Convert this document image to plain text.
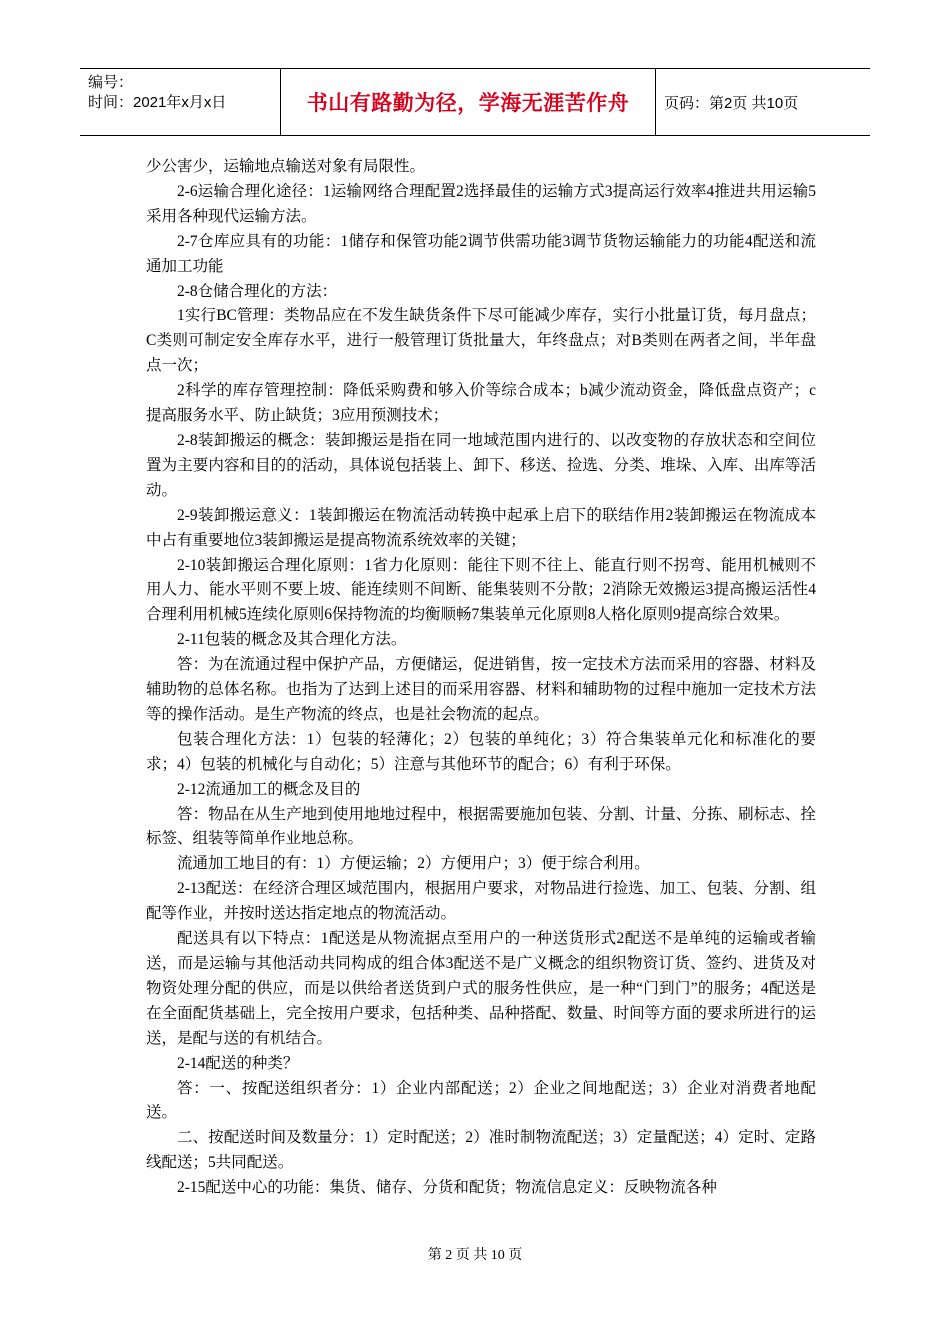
编号：
时间：2021年x月x日	书山有路勤为径，学海无涯苦作舟 页码：第2页 共10页

少公害少，运输地点输送对象有局限性。

2-6运输合理化途径：1运输网络合理配置2选择最佳的运输方式3提高运行效率4推进共用运输5采用各种现代运输方法。

2-7仓库应具有的功能：1储存和保管功能2调节供需功能3调节货物运输能力的功能4配送和流通加工功能

2-8仓储合理化的方法：

1实行BC管理：类物品应在不发生缺货条件下尽可能减少库存，实行小批量订货，每月盘点；C类则可制定安全库存水平，进行一般管理订货批量大，年终盘点；对B类则在两者之间，半年盘点一次；

2科学的库存管理控制：降低采购费和够入价等综合成本；b减少流动资金，降低盘点资产；c提高服务水平、防止缺货；3应用预测技术；

2-8装卸搬运的概念：装卸搬运是指在同一地域范围内进行的、以改变物的存放状态和空间位置为主要内容和目的的活动，具体说包括装上、卸下、移送、捡选、分类、堆垛、入库、出库等活动。

2-9装卸搬运意义：1装卸搬运在物流活动转换中起承上启下的联结作用2装卸搬运在物流成本中占有重要地位3装卸搬运是提高物流系统效率的关键；

2-10装卸搬运合理化原则：1省力化原则：能往下则不往上、能直行则不拐弯、能用机械则不用人力、能水平则不要上坡、能连续则不间断、能集装则不分散；2消除无效搬运3提高搬运活性4合理利用机械5连续化原则6保持物流的均衡顺畅7集装单元化原则8人格化原则9提高综合效果。

2-11包装的概念及其合理化方法。

答：为在流通过程中保护产品，方便储运，促进销售，按一定技术方法而采用的容器、材料及辅助物的总体名称。也指为了达到上述目的而采用容器、材料和辅助物的过程中施加一定技术方法等的操作活动。是生产物流的终点，也是社会物流的起点。

包装合理化方法：1）包装的轻薄化；2）包装的单纯化；3）符合集装单元化和标准化的要求；4）包装的机械化与自动化；5）注意与其他环节的配合；6）有利于环保。

2-12流通加工的概念及目的

答：物品在从生产地到使用地地过程中，根据需要施加包装、分割、计量、分拣、刷标志、拴标签、组装等简单作业地总称。

流通加工地目的有：1）方便运输；2）方便用户；3）便于综合利用。

2-13配送：在经济合理区域范围内，根据用户要求，对物品进行捡选、加工、包装、分割、组配等作业，并按时送达指定地点的物流活动。

配送具有以下特点：1配送是从物流据点至用户的一种送货形式2配送不是单纯的运输或者输送，而是运输与其他活动共同构成的组合体3配送不是广义概念的组织物资订货、签约、进货及对物资处理分配的供应，而是以供给者送货到户式的服务性供应，是一种“门到门”的服务；4配送是在全面配货基础上，完全按用户要求，包括种类、品种搭配、数量、时间等方面的要求所进行的运送，是配与送的有机结合。

2-14配送的种类？

答：一、按配送组织者分：1）企业内部配送；2）企业之间地配送；3）企业对消费者地配送。

二、按配送时间及数量分：1）定时配送；2）准时制物流配送；3）定量配送；4）定时、定路线配送；5共同配送。

2-15配送中心的功能：集货、储存、分货和配货；物流信息定义：反映物流各种

第 2 页 共 10 页
